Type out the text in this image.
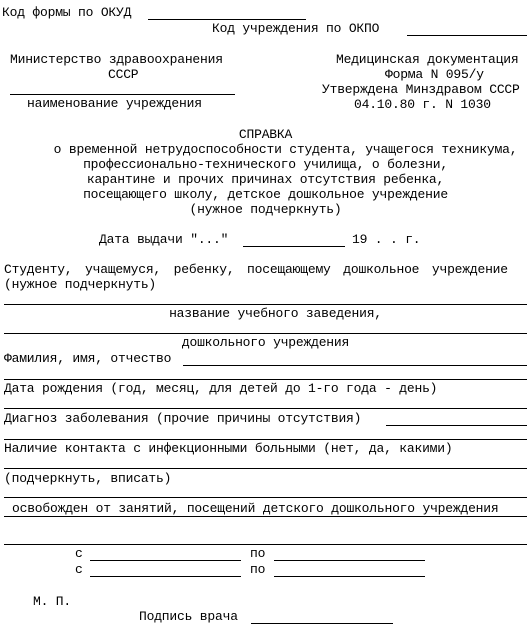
Код формы по ОКУД
Код учреждения по ОКПО
Министерство здравоохранения
СССР
наименование учреждения
Медицинская документация
Форма N 095/у
Утверждена Минздравом СССР
04.10.80 г. N 1030
СПРАВКА
о временной нетрудоспособности студента, учащегося техникума,
профессионально-технического училища, о болезни,
карантине и прочих причинах отсутствия ребенка,
посещающего школу, детское дошкольное учреждение
(нужное подчеркнуть)
Дата выдачи "..."	19 . . г.
Студенту, учащемуся, ребенку, посещающему дошкольное учреждение
(нужное подчеркнуть)
название учебного заведения,
дошкольного учреждения
Фамилия, имя, отчество
Дата рождения (год, месяц, для детей до 1-го года - день)
Диагноз заболевания (прочие причины отсутствия)
Наличие контакта с инфекционными больными (нет, да, какими)
(подчеркнуть, вписать)
освобожден от занятий, посещений детского дошкольного учреждения
с	по
с	по
М. П.
Подпись врача
